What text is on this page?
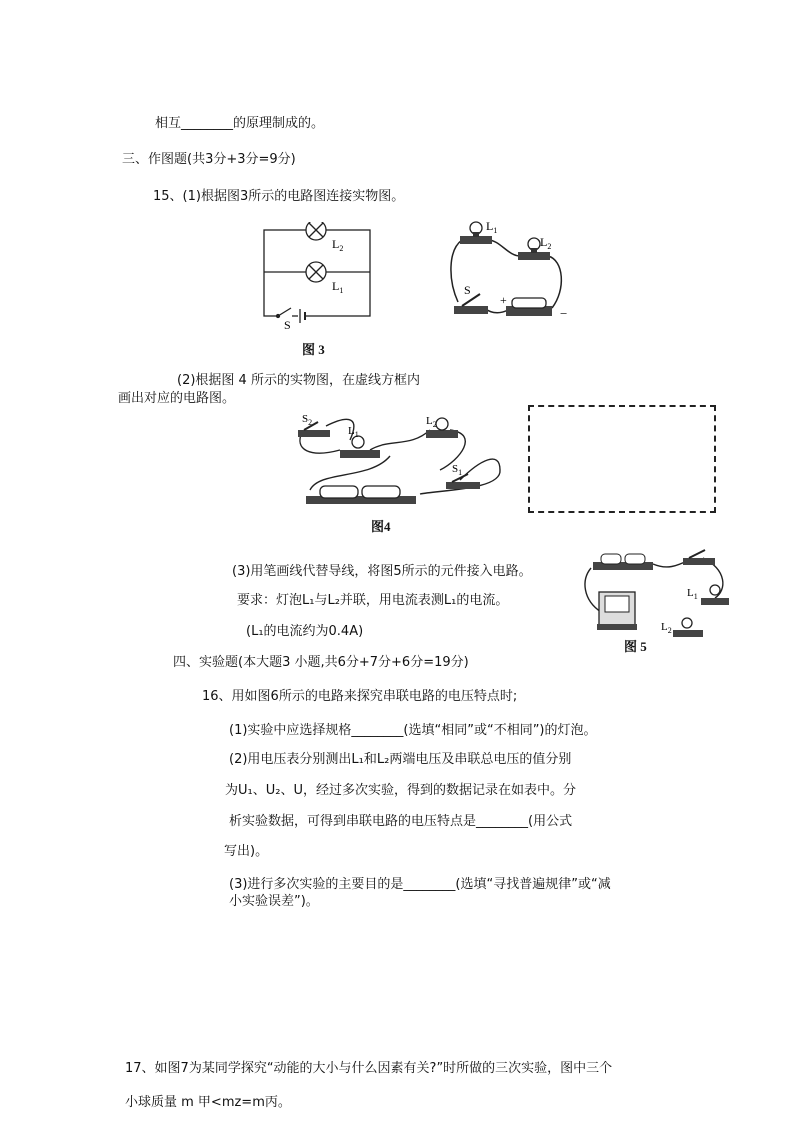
相互________的原理制成的。
三、作图题(共3分+3分=9分)
15、(1)根据图3所示的电路图连接实物图。
$L_2$
$L_1$
S
图 3
$L_1$
$L_2$
S
+
−
(2)根据图 4 所示的实物图，在虚线方框内
画出对应的电路图。
$S_2$
$L_1$
$L_2$
$S_1$
图4
(3)用笔画线代替导线，将图5所示的元件接入电路。
要求：灯泡L₁与L₂并联，用电流表测L₁的电流。
(L₁的电流约为0.4A)
$L_1$
$L_2$
图 5
四、实验题(本大题3 小题,共6分+7分+6分=19分)
16、用如图6所示的电路来探究串联电路的电压特点时;
(1)实验中应选择规格________(选填“相同”或“不相同”)的灯泡。
(2)用电压表分别测出L₁和L₂两端电压及串联总电压的值分别
为U₁、U₂、U，经过多次实验，得到的数据记录在如表中。分
析实验数据，可得到串联电路的电压特点是________(用公式
写出)。
(3)进行多次实验的主要目的是________(选填“寻找普遍规律”或“减
小实验误差”)。
17、如图7为某同学探究“动能的大小与什么因素有关?”时所做的三次实验，图中三个
小球质量 m 甲<mz=m丙。
